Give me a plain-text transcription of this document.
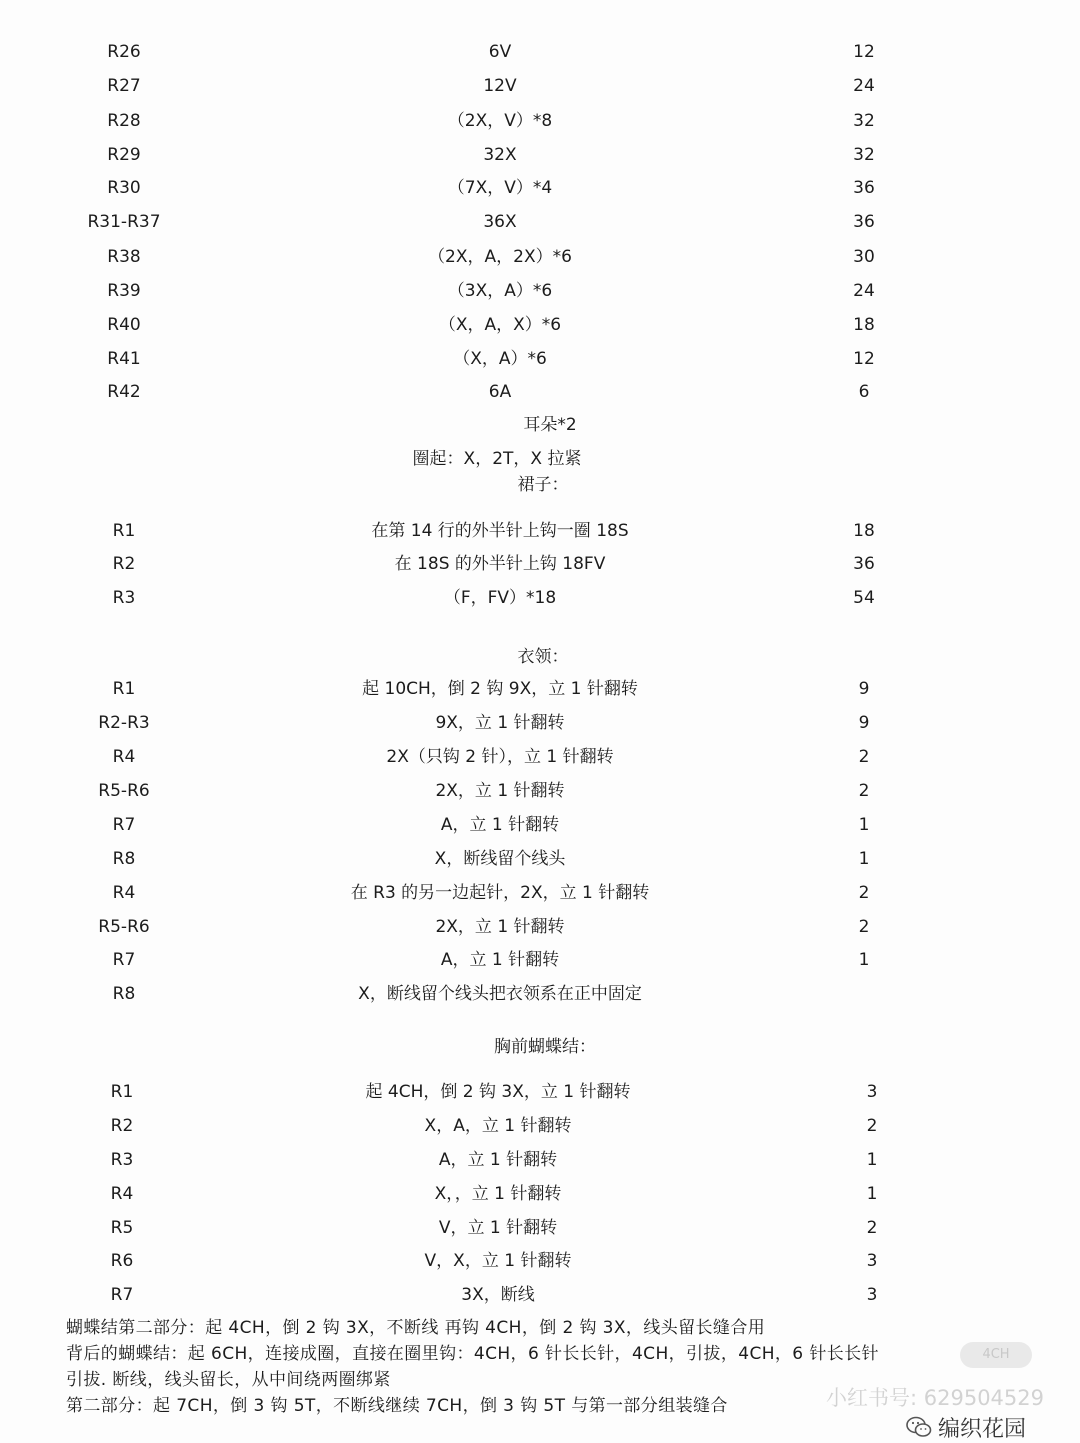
R26	6V	12
R27	12V	24
R28	（2X，V）*8	32
R29	32X	32
R30	（7X，V）*4	36
R31-R37	36X	36
R38	（2X，A，2X）*6	30
R39	（3X，A）*6	24
R40	（X，A，X）*6	18
R41	（X，A）*6	12
R42	6A	6
耳朵*2
圈起：X，2T，X 拉紧
裙子：
R1	在第 14 行的外半针上钩一圈 18S	18
R2	在 18S 的外半针上钩 18FV	36
R3	（F，FV）*18	54
衣领：
R1	起 10CH，倒 2 钩 9X，立 1 针翻转	9
R2-R3	9X，立 1 针翻转	9
R4	2X（只钩 2 针），立 1 针翻转	2
R5-R6	2X，立 1 针翻转	2
R7	A，立 1 针翻转	1
R8	X，断线留个线头	1
R4	在 R3 的另一边起针，2X，立 1 针翻转	2
R5-R6	2X，立 1 针翻转	2
R7	A，立 1 针翻转	1
R8	X，断线留个线头把衣领系在正中固定
胸前蝴蝶结：
R1	起 4CH，倒 2 钩 3X，立 1 针翻转	3
R2	X，A，立 1 针翻转	2
R3	A，立 1 针翻转	1
R4	X，，立 1 针翻转	1
R5	V，立 1 针翻转	2
R6	V，X，立 1 针翻转	3
R7	3X，断线	3
蝴蝶结第二部分：起 4CH，倒 2 钩 3X，不断线 再钩 4CH，倒 2 钩 3X，线头留长缝合用
背后的蝴蝶结：起 6CH，连接成圈，直接在圈里钩：4CH，6 针长长针，4CH，引拔，4CH，6 针长长针
引拔. 断线，线头留长，从中间绕两圈绑紧
第二部分：起 7CH，倒 3 钩 5T，不断线继续 7CH，倒 3 钩 5T 与第一部分组装缝合
4CH
小红书号: 629504529
编织花园
